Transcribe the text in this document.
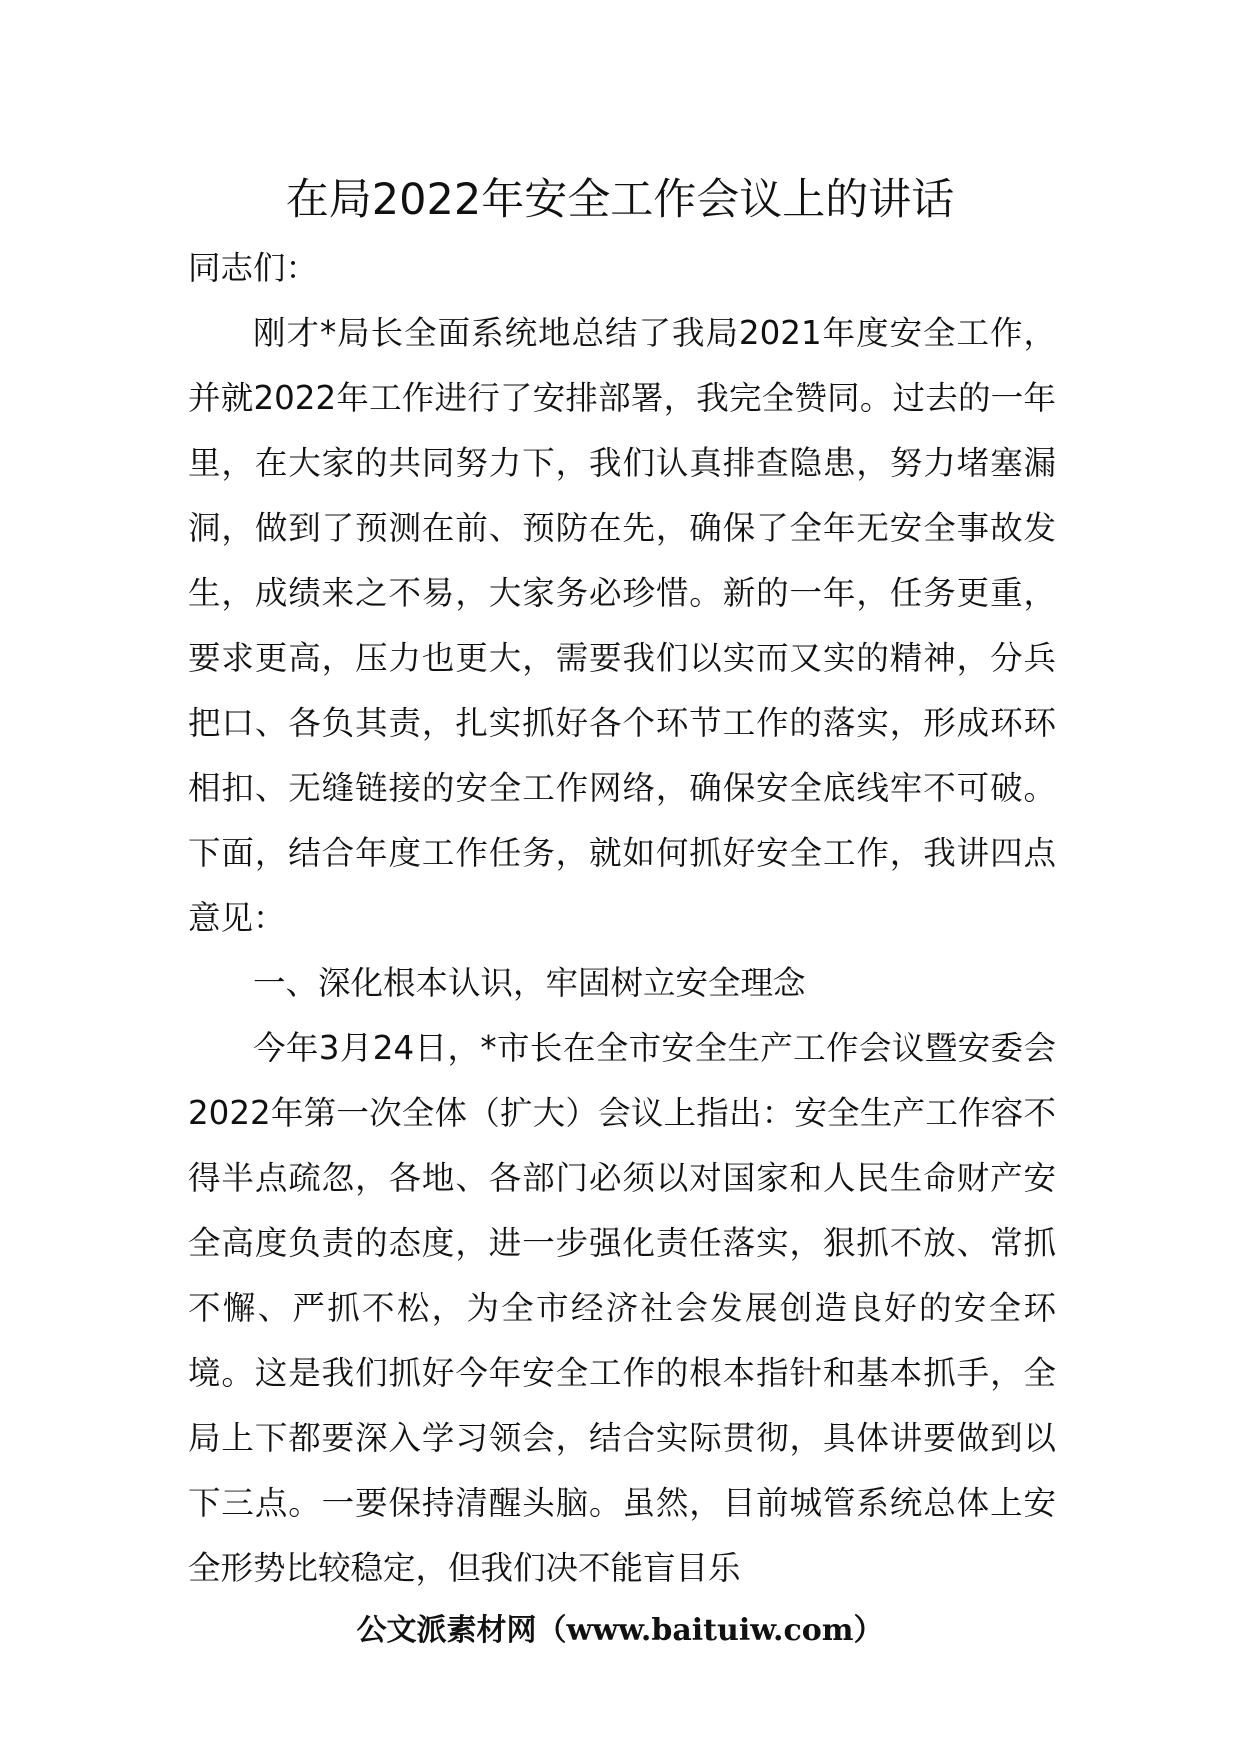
在局2022年安全工作会议上的讲话

同志们：

刚才*局长全面系统地总结了我局2021年度安全工作，并就2022年工作进行了安排部署，我完全赞同。过去的一年里，在大家的共同努力下，我们认真排查隐患，努力堵塞漏洞，做到了预测在前、预防在先，确保了全年无安全事故发生，成绩来之不易，大家务必珍惜。新的一年，任务更重，要求更高，压力也更大，需要我们以实而又实的精神，分兵把口、各负其责，扎实抓好各个环节工作的落实，形成环环相扣、无缝链接的安全工作网络，确保安全底线牢不可破。下面，结合年度工作任务，就如何抓好安全工作，我讲四点意见：

一、深化根本认识，牢固树立安全理念

今年3月24日，*市长在全市安全生产工作会议暨安委会2022年第一次全体（扩大）会议上指出：安全生产工作容不得半点疏忽，各地、各部门必须以对国家和人民生命财产安全高度负责的态度，进一步强化责任落实，狠抓不放、常抓不懈、严抓不松，为全市经济社会发展创造良好的安全环境。这是我们抓好今年安全工作的根本指针和基本抓手，全局上下都要深入学习领会，结合实际贯彻，具体讲要做到以下三点。一要保持清醒头脑。虽然，目前城管系统总体上安全形势比较稳定，但我们决不能盲目乐

公文派素材网（www.baituiw.com）
